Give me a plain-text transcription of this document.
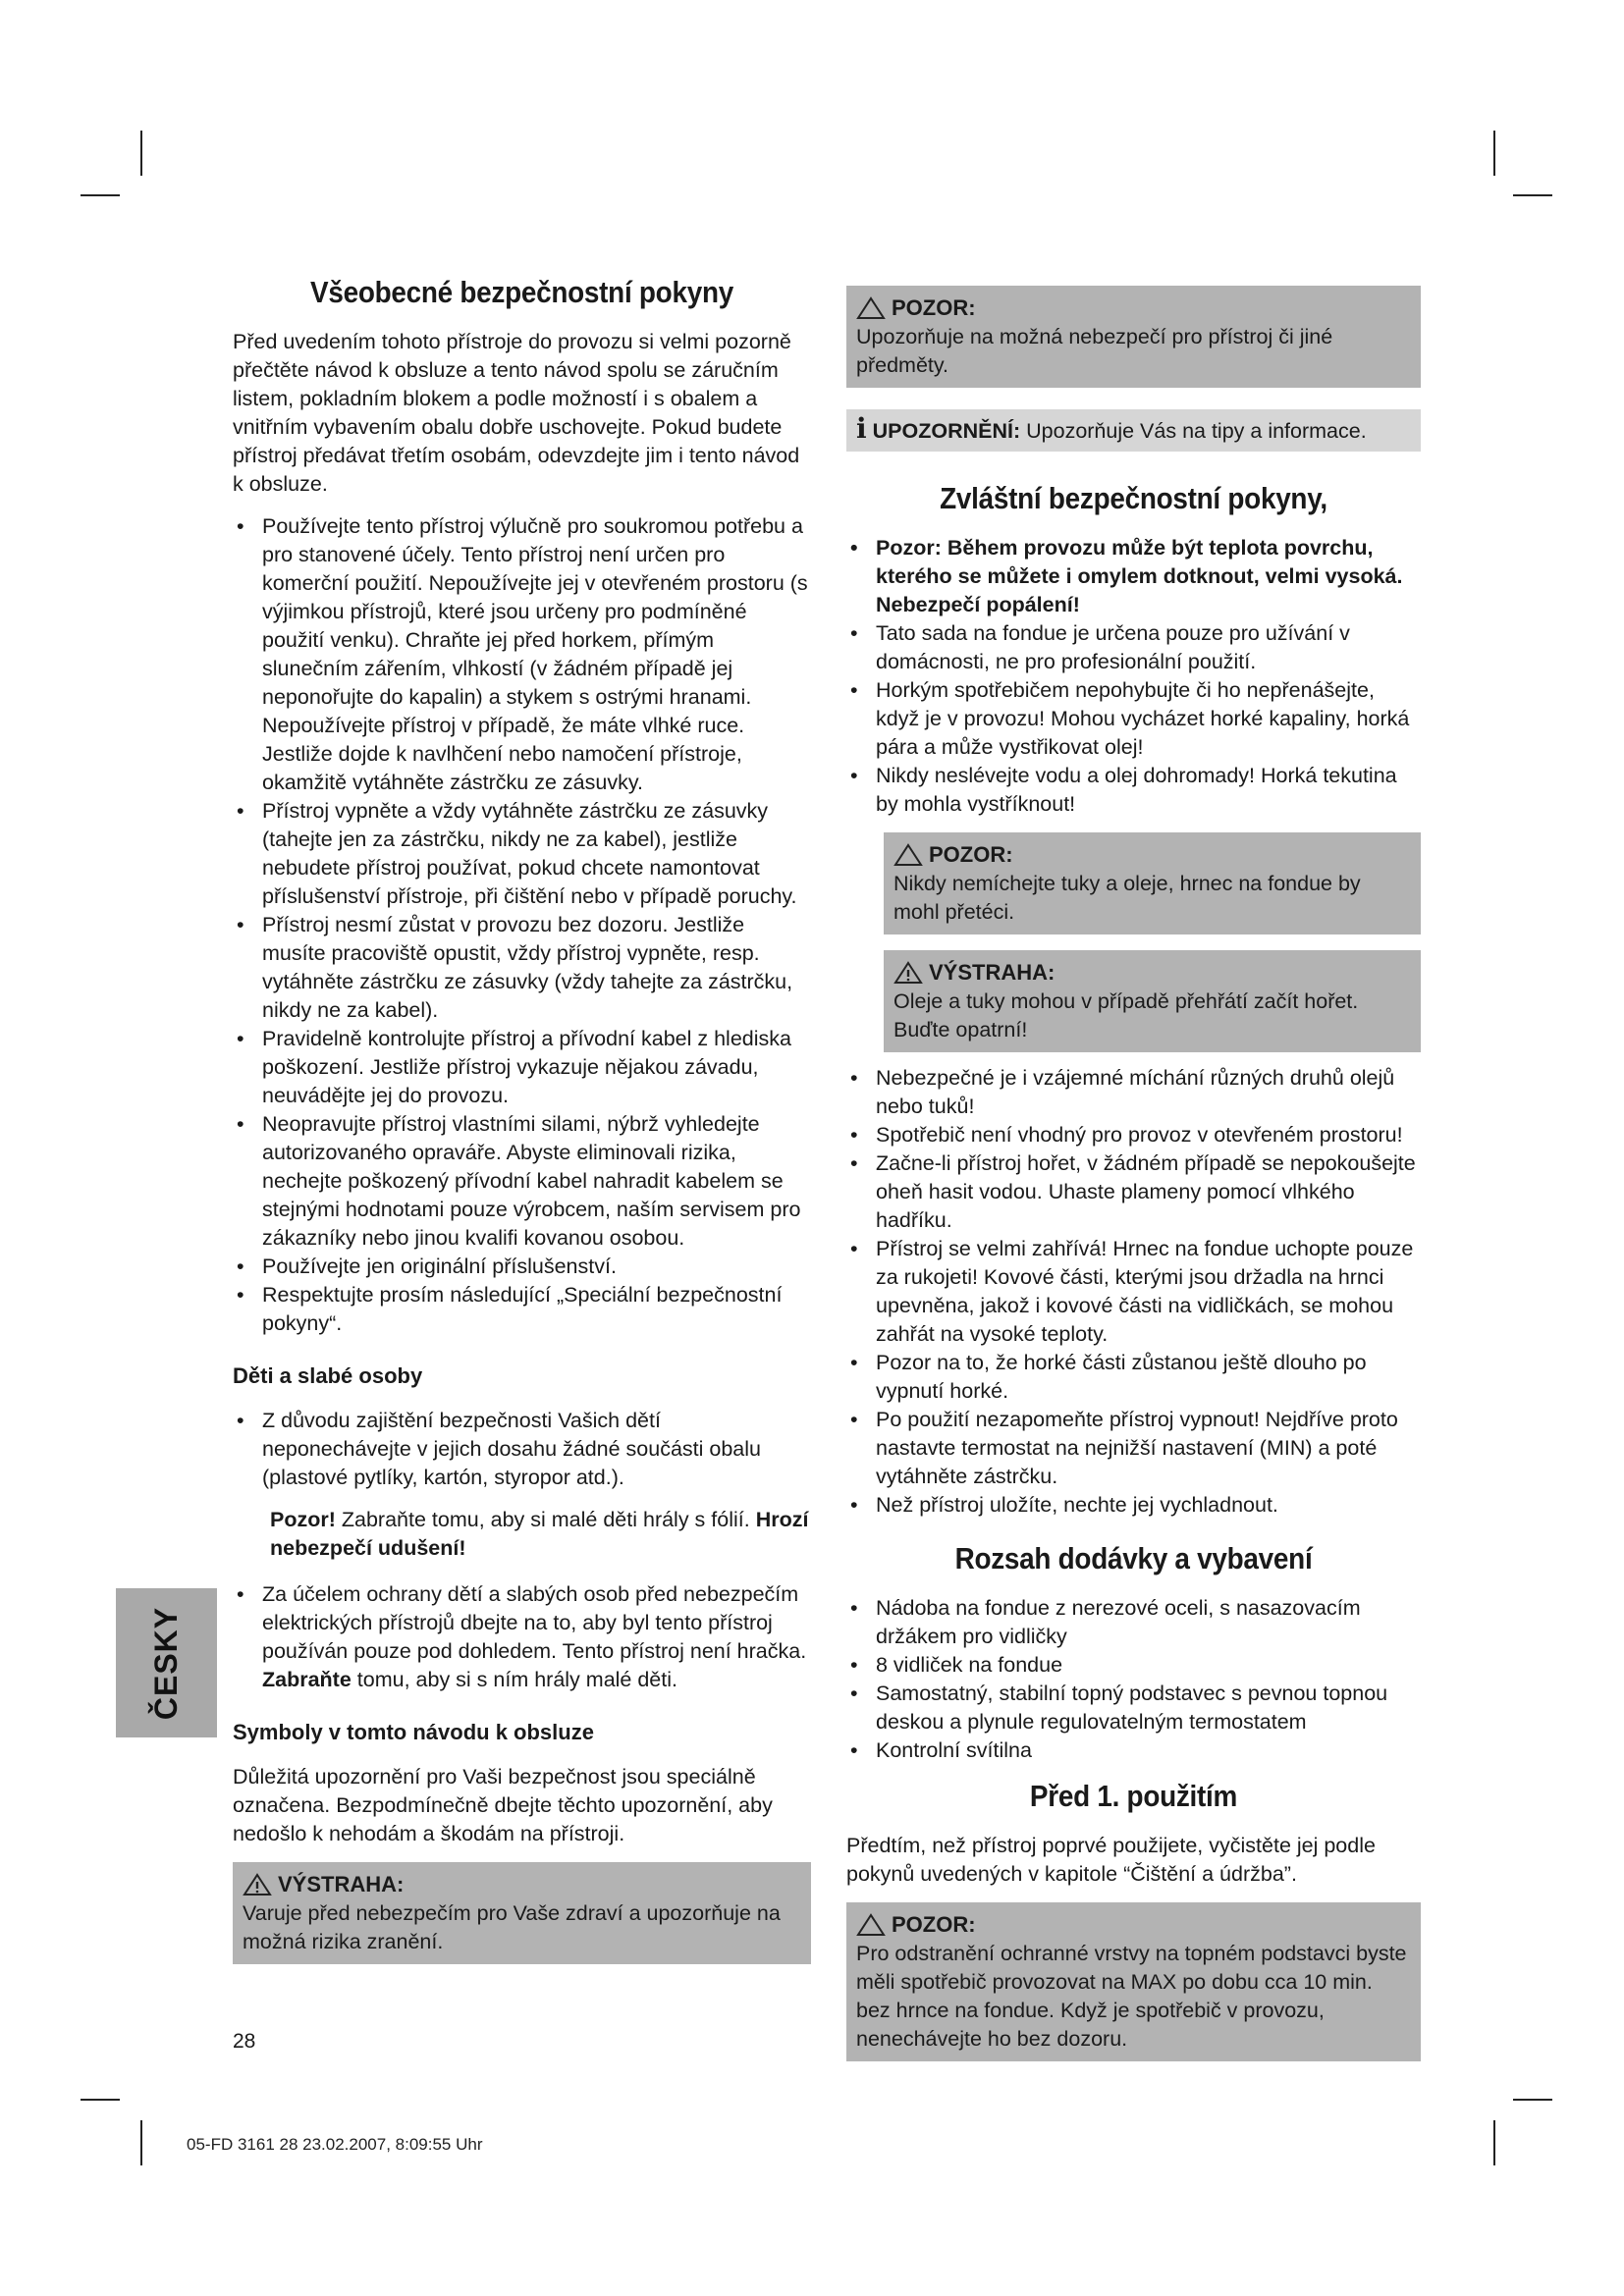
Všeobecné bezpečnostní pokyny

Před uvedením tohoto přístroje do provozu si velmi pozorně přečtěte návod k obsluze a tento návod spolu se záručním listem, pokladním blokem a podle možností i s obalem a vnitřním vybavením obalu dobře uschovejte. Pokud budete přístroj předávat třetím osobám, odevzdejte jim i tento návod k obsluze.

• Používejte tento přístroj výlučně pro soukromou potřebu a pro stanovené účely. Tento přístroj není určen pro komerční použití. Nepoužívejte jej v otevřeném prostoru (s výjimkou přístrojů, které jsou určeny pro podmíněné použití venku). Chraňte jej před horkem, přímým slunečním zářením, vlhkostí (v žádném případě jej neponořujte do kapalin) a stykem s ostrými hranami. Nepoužívejte přístroj v případě, že máte vlhké ruce. Jestliže dojde k navlhčení nebo namočení přístroje, okamžitě vytáhněte zástrčku ze zásuvky.
• Přístroj vypněte a vždy vytáhněte zástrčku ze zásuvky (tahejte jen za zástrčku, nikdy ne za kabel), jestliže nebudete přístroj používat, pokud chcete namontovat příslušenství přístroje, při čištění nebo v případě poruchy.
• Přístroj nesmí zůstat v provozu bez dozoru. Jestliže musíte pracoviště opustit, vždy přístroj vypněte, resp. vytáhněte zástrčku ze zásuvky (vždy tahejte za zástrčku, nikdy ne za kabel).
• Pravidelně kontrolujte přístroj a přívodní kabel z hlediska poškození. Jestliže přístroj vykazuje nějakou závadu, neuvádějte jej do provozu.
• Neopravujte přístroj vlastními silami, nýbrž vyhledejte autorizovaného opraváře. Abyste eliminovali rizika, nechejte poškozený přívodní kabel nahradit kabelem se stejnými hodnotami pouze výrobcem, naším servisem pro zákazníky nebo jinou kvalifi kovanou osobou.
• Používejte jen originální příslušenství.
• Respektujte prosím následující „Speciální bezpečnostní pokyny“.
Děti a slabé osoby
• Z důvodu zajištění bezpečnosti Vašich dětí neponechávejte v jejich dosahu žádné součásti obalu (plastové pytlíky, kartón, styropor atd.).

Pozor! Zabraňte tomu, aby si malé děti hrály s fólií. Hrozí nebezpečí udušení!

• Za účelem ochrany dětí a slabých osob před nebezpečím elektrických přístrojů dbejte na to, aby byl tento přístroj používán pouze pod dohledem. Tento přístroj není hračka. Zabraňte tomu, aby si s ním hrály malé děti.
Symboly v tomto návodu k obsluze

Důležitá upozornění pro Vaši bezpečnost jsou speciálně označena. Bezpodmínečně dbejte těchto upozornění, aby nedošlo k nehodám a škodám na přístroji.

VÝSTRAHA:
Varuje před nebezpečím pro Vaše zdraví a upozorňuje na možná rizika zranění.
POZOR:
Upozorňuje na možná nebezpečí pro přístroj či jiné předměty.
i UPOZORNĚNÍ: Upozorňuje Vás na tipy a informace.
Zvláštní bezpečnostní pokyny,
• Pozor: Během provozu může být teplota povrchu, kterého se můžete i omylem dotknout, velmi vysoká. Nebezpečí popálení!
• Tato sada na fondue je určena pouze pro užívání v domácnosti, ne pro profesionální použití.
• Horkým spotřebičem nepohybujte či ho nepřenášejte, když je v provozu! Mohou vycházet horké kapaliny, horká pára a může vystřikovat olej!
• Nikdy neslévejte vodu a olej dohromady! Horká tekutina by mohla vystříknout!
POZOR:
Nikdy nemíchejte tuky a oleje, hrnec na fondue by mohl přetéci.
VÝSTRAHA:
Oleje a tuky mohou v případě přehřátí začít hořet. Buďte opatrní!
• Nebezpečné je i vzájemné míchání různých druhů olejů nebo tuků!
• Spotřebič není vhodný pro provoz v otevřeném prostoru!
• Začne-li přístroj hořet, v žádném případě se nepokoušejte oheň hasit vodou. Uhaste plameny pomocí vlhkého hadříku.
• Přístroj se velmi zahřívá! Hrnec na fondue uchopte pouze za rukojeti! Kovové části, kterými jsou držadla na hrnci upevněna, jakož i kovové části na vidličkách, se mohou zahřát na vysoké teploty.
• Pozor na to, že horké části zůstanou ještě dlouho po vypnutí horké.
• Po použití nezapomeňte přístroj vypnout! Nejdříve proto nastavte termostat na nejnižší nastavení (MIN) a poté vytáhněte zástrčku.
• Než přístroj uložíte, nechte jej vychladnout.
Rozsah dodávky a vybavení
• Nádoba na fondue z nerezové oceli, s nasazovacím držákem pro vidličky
• 8 vidliček na fondue
• Samostatný, stabilní topný podstavec s pevnou topnou deskou a plynule regulovatelným termostatem
• Kontrolní svítilna
Před 1. použitím

Předtím, než přístroj poprvé použijete, vyčistěte jej podle pokynů uvedených v kapitole “Čištění a údržba”.

POZOR:
Pro odstranění ochranné vrstvy na topném podstavci byste měli spotřebič provozovat na MAX po dobu cca 10 min. bez hrnce na fondue. Když je spotřebič v provozu, nenechávejte ho bez dozoru.
ČESKY
28
05-FD 3161 28 23.02.2007, 8:09:55 Uhr
